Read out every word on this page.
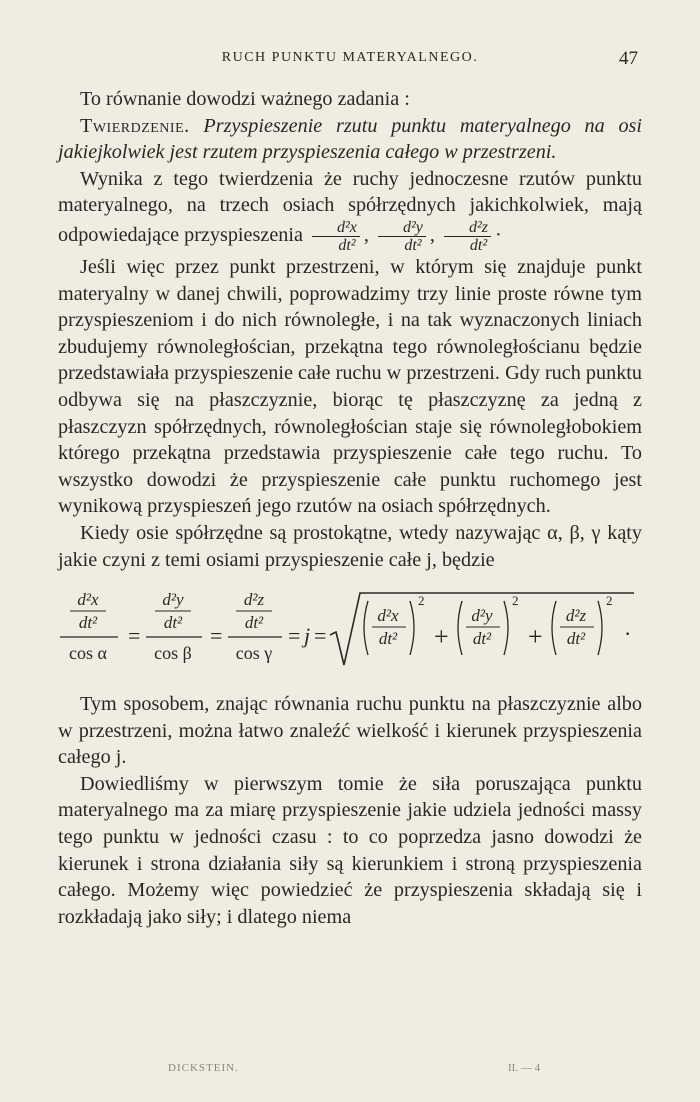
RUCH PUNKTU MATERYALNEGO.	47

To równanie dowodzi ważnego zadania :

Twierdzenie. Przyspieszenie rzutu punktu materyalnego na osi jakiejkolwiek jest rzutem przyspieszenia całego w przestrzeni.

Wynika z tego twierdzenia że ruchy jednoczesne rzutów punktu materyalnego, na trzech osiach spółrzędnych jakichkolwiek, mają odpowiedające przyspieszenia $\frac{\text{d²x}}{\text{dt²}}$ , $\frac{\text{d²y}}{\text{dt²}}$ , $\frac{\text{d²z}}{\text{dt²}}$ ·

Jeśli więc przez punkt przestrzeni, w którym się znajduje punkt materyalny w danej chwili, poprowadzimy trzy linie proste równe tym przyspieszeniom i do nich równoległe, i na tak wyznaczonych liniach zbudujemy równoległościan, przekątna tego równoległościanu będzie przedstawiała przyspieszenie całe ruchu w przestrzeni. Gdy ruch punktu odbywa się na płaszczyznie, biorąc tę płaszczyznę za jedną z płaszczyzn spółrzędnych, równoległościan staje się równoległobokiem którego przekątna przedstawia przyspieszenie całe tego ruchu. To wszystko dowodzi że przyspieszenie całe punktu ruchomego jest wynikową przyspieszeń jego rzutów na osiach spółrzędnych.

Kiedy osie spółrzędne są prostokątne, wtedy nazywając α, β, γ kąty jakie czyni z temi osiami przyspieszenie całe j, będzie

d²x
dt²
cos α
=
d²y
dt²
cos β
=
d²z
dt²
cos γ
= j =
d²x
dt²
2
+
d²y
dt²
2
+
d²z
dt²
2
·

Tym sposobem, znając równania ruchu punktu na płaszczyznie albo w przestrzeni, można łatwo znaleźć wielkość i kierunek przyspieszenia całego j.

Dowiedliśmy w pierwszym tomie że siła poruszająca punktu materyalnego ma za miarę przyspieszenie jakie udziela jedności massy tego punktu w jedności czasu : to co poprzedza jasno dowodzi że kierunek i strona działania siły są kierunkiem i stroną przyspieszenia całego. Możemy więc powiedzieć że przyspieszenia składają się i rozkładają jako siły; i dlatego niema

DICKSTEIN.	II. — 4
